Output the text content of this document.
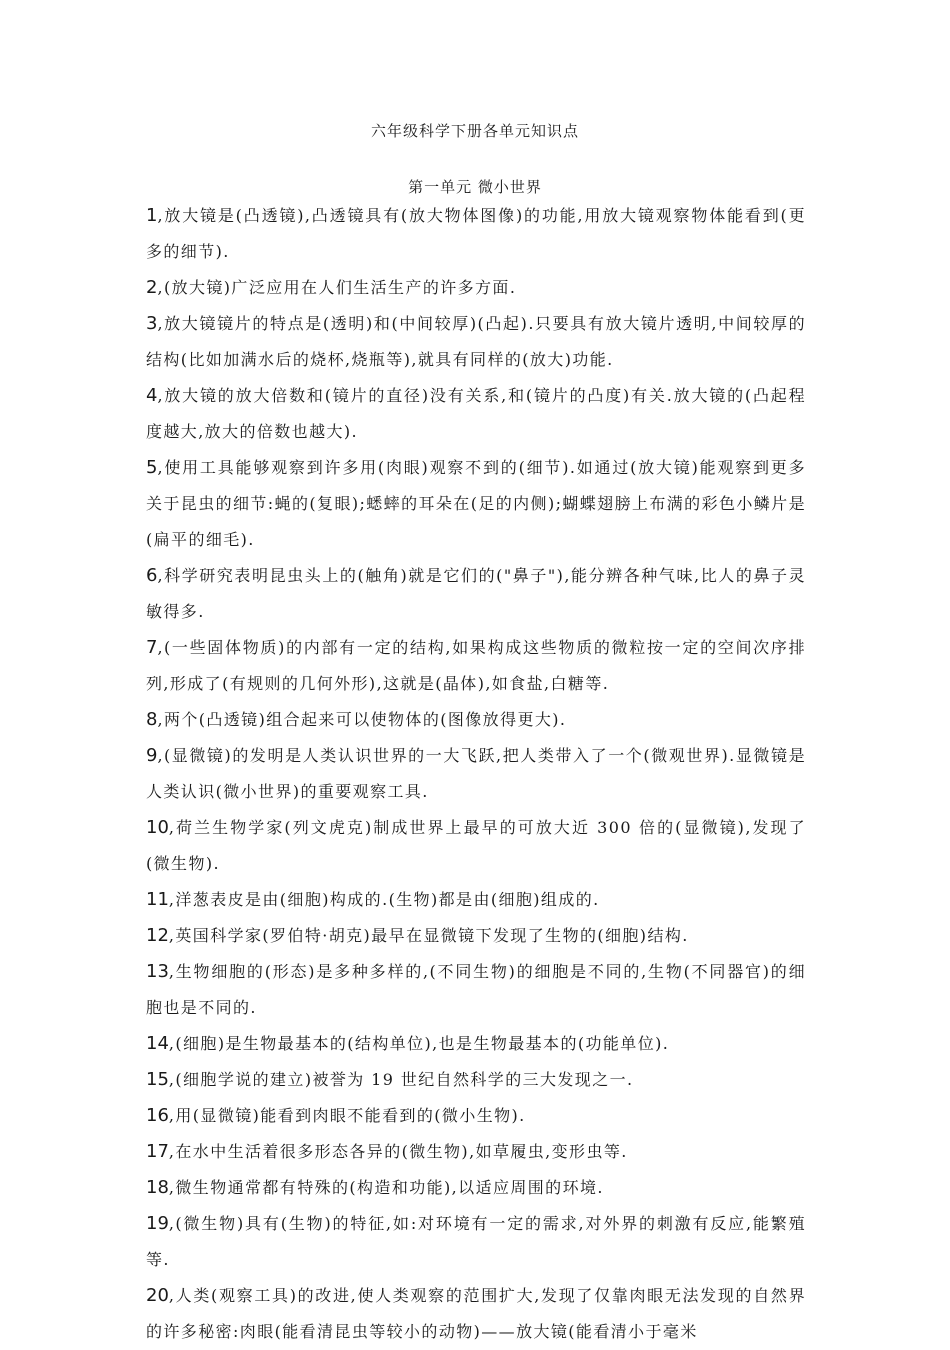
六年级科学下册各单元知识点
第一单元 微小世界

1,放大镜是(凸透镜),凸透镜具有(放大物体图像)的功能,用放大镜观察物体能看到(更多的细节).

2,(放大镜)广泛应用在人们生活生产的许多方面.

3,放大镜镜片的特点是(透明)和(中间较厚)(凸起).只要具有放大镜片透明,中间较厚的结构(比如加满水后的烧杯,烧瓶等),就具有同样的(放大)功能.

4,放大镜的放大倍数和(镜片的直径)没有关系,和(镜片的凸度)有关.放大镜的(凸起程度越大,放大的倍数也越大).

5,使用工具能够观察到许多用(肉眼)观察不到的(细节).如通过(放大镜)能观察到更多关于昆虫的细节:蝇的(复眼);蟋蟀的耳朵在(足的内侧);蝴蝶翅膀上布满的彩色小鳞片是(扁平的细毛).

6,科学研究表明昆虫头上的(触角)就是它们的("鼻子"),能分辨各种气味,比人的鼻子灵敏得多.

7,(一些固体物质)的内部有一定的结构,如果构成这些物质的微粒按一定的空间次序排列,形成了(有规则的几何外形),这就是(晶体),如食盐,白糖等.

8,两个(凸透镜)组合起来可以使物体的(图像放得更大).

9,(显微镜)的发明是人类认识世界的一大飞跃,把人类带入了一个(微观世界).显微镜是人类认识(微小世界)的重要观察工具.

10,荷兰生物学家(列文虎克)制成世界上最早的可放大近 300 倍的(显微镜),发现了(微生物).

11,洋葱表皮是由(细胞)构成的.(生物)都是由(细胞)组成的.

12,英国科学家(罗伯特·胡克)最早在显微镜下发现了生物的(细胞)结构.

13,生物细胞的(形态)是多种多样的,(不同生物)的细胞是不同的,生物(不同器官)的细胞也是不同的.

14,(细胞)是生物最基本的(结构单位),也是生物最基本的(功能单位).

15,(细胞学说的建立)被誉为 19 世纪自然科学的三大发现之一.

16,用(显微镜)能看到肉眼不能看到的(微小生物).

17,在水中生活着很多形态各异的(微生物),如草履虫,变形虫等.

18,微生物通常都有特殊的(构造和功能),以适应周围的环境.

19,(微生物)具有(生物)的特征,如:对环境有一定的需求,对外界的刺激有反应,能繁殖等.

20,人类(观察工具)的改进,使人类观察的范围扩大,发现了仅靠肉眼无法发现的自然界的许多秘密:肉眼(能看清昆虫等较小的动物)——放大镜(能看清小于毫米
